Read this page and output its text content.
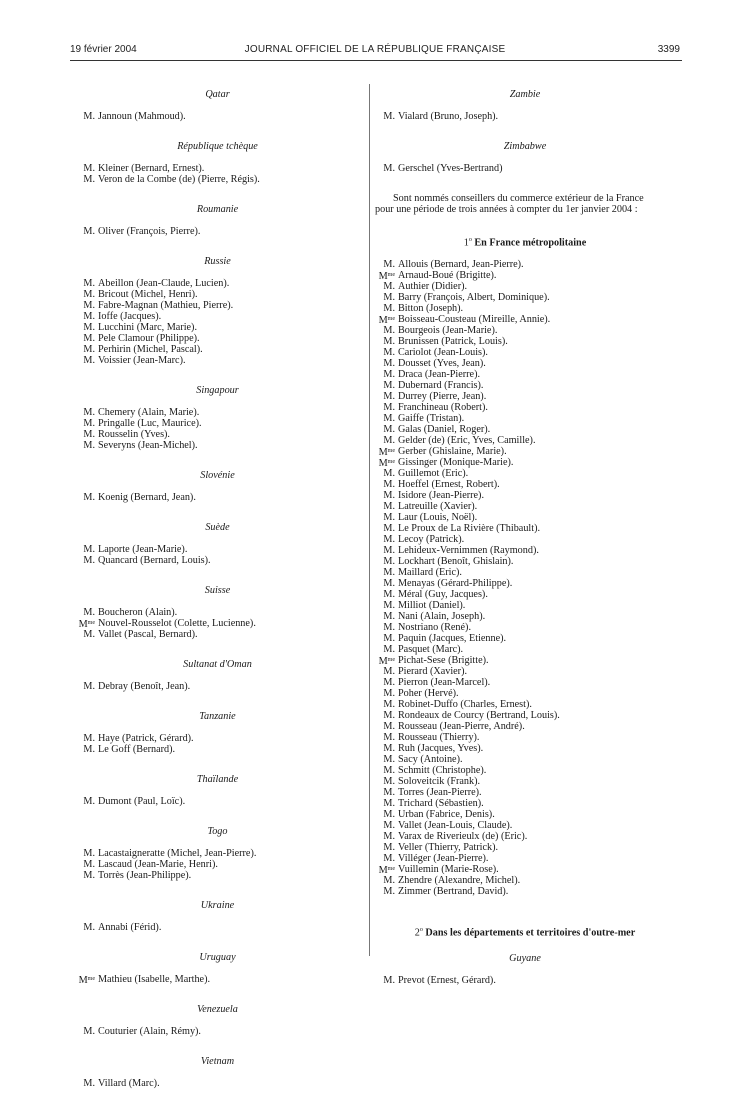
19 février 2004	JOURNAL OFFICIEL DE LA RÉPUBLIQUE FRANÇAISE	3399
Qatar
M. Jannoun (Mahmoud).
République tchèque
M. Kleiner (Bernard, Ernest).
M. Veron de la Combe (de) (Pierre, Régis).
Roumanie
M. Oliver (François, Pierre).
Russie
M. Abeillon (Jean-Claude, Lucien).
M. Bricout (Michel, Henri).
M. Fabre-Magnan (Mathieu, Pierre).
M. Ioffe (Jacques).
M. Lucchini (Marc, Marie).
M. Pele Clamour (Philippe).
M. Perhirin (Michel, Pascal).
M. Voissier (Jean-Marc).
Singapour
M. Chemery (Alain, Marie).
M. Pringalle (Luc, Maurice).
M. Rousselin (Yves).
M. Severyns (Jean-Michel).
Slovénie
M. Koenig (Bernard, Jean).
Suède
M. Laporte (Jean-Marie).
M. Quancard (Bernard, Louis).
Suisse
M. Boucheron (Alain).
$M^{me}$ Nouvel-Rousselot (Colette, Lucienne).
M. Vallet (Pascal, Bernard).
Sultanat d'Oman
M. Debray (Benoît, Jean).
Tanzanie
M. Haye (Patrick, Gérard).
M. Le Goff (Bernard).
Thaïlande
M. Dumont (Paul, Loïc).
Togo
M. Lacastaigneratte (Michel, Jean-Pierre).
M. Lascaud (Jean-Marie, Henri).
M. Torrès (Jean-Philippe).
Ukraine
M. Annabi (Férid).
Uruguay
$M^{me}$ Mathieu (Isabelle, Marthe).
Venezuela
M. Couturier (Alain, Rémy).
Vietnam
M. Villard (Marc).
Zambie
M. Vialard (Bruno, Joseph).
Zimbabwe
M. Gerschel (Yves-Bertrand)
Sont nommés conseillers du commerce extérieur de la France
pour une période de trois années à compter du 1er janvier 2004 :
1$^o$ En France métropolitaine
M. Allouis (Bernard, Jean-Pierre).
$M^{me}$ Arnaud-Boué (Brigitte).
M. Authier (Didier).
M. Barry (François, Albert, Dominique).
M. Bitton (Joseph).
$M^{me}$ Boisseau-Cousteau (Mireille, Annie).
M. Bourgeois (Jean-Marie).
M. Brunissen (Patrick, Louis).
M. Cariolot (Jean-Louis).
M. Dousset (Yves, Jean).
M. Draca (Jean-Pierre).
M. Dubernard (Francis).
M. Durrey (Pierre, Jean).
M. Franchineau (Robert).
M. Gaiffe (Tristan).
M. Galas (Daniel, Roger).
M. Gelder (de) (Eric, Yves, Camille).
$M^{me}$ Gerber (Ghislaine, Marie).
$M^{me}$ Gissinger (Monique-Marie).
M. Guillemot (Eric).
M. Hoeffel (Ernest, Robert).
M. Isidore (Jean-Pierre).
M. Latreuille (Xavier).
M. Laur (Louis, Noël).
M. Le Proux de La Rivière (Thibault).
M. Lecoy (Patrick).
M. Lehideux-Vernimmen (Raymond).
M. Lockhart (Benoît, Ghislain).
M. Maillard (Eric).
M. Menayas (Gérard-Philippe).
M. Méral (Guy, Jacques).
M. Milliot (Daniel).
M. Nani (Alain, Joseph).
M. Nostriano (René).
M. Paquin (Jacques, Etienne).
M. Pasquet (Marc).
$M^{me}$ Pichat-Sese (Brigitte).
M. Pierard (Xavier).
M. Pierron (Jean-Marcel).
M. Poher (Hervé).
M. Robinet-Duffo (Charles, Ernest).
M. Rondeaux de Courcy (Bertrand, Louis).
M. Rousseau (Jean-Pierre, André).
M. Rousseau (Thierry).
M. Ruh (Jacques, Yves).
M. Sacy (Antoine).
M. Schmitt (Christophe).
M. Soloveitcik (Frank).
M. Torres (Jean-Pierre).
M. Trichard (Sébastien).
M. Urban (Fabrice, Denis).
M. Vallet (Jean-Louis, Claude).
M. Varax de Riverieulx (de) (Eric).
M. Veller (Thierry, Patrick).
M. Villéger (Jean-Pierre).
$M^{me}$ Vuillemin (Marie-Rose).
M. Zhendre (Alexandre, Michel).
M. Zimmer (Bertrand, David).
2$^o$ Dans les départements et territoires d'outre-mer
Guyane
M. Prevot (Ernest, Gérard).
